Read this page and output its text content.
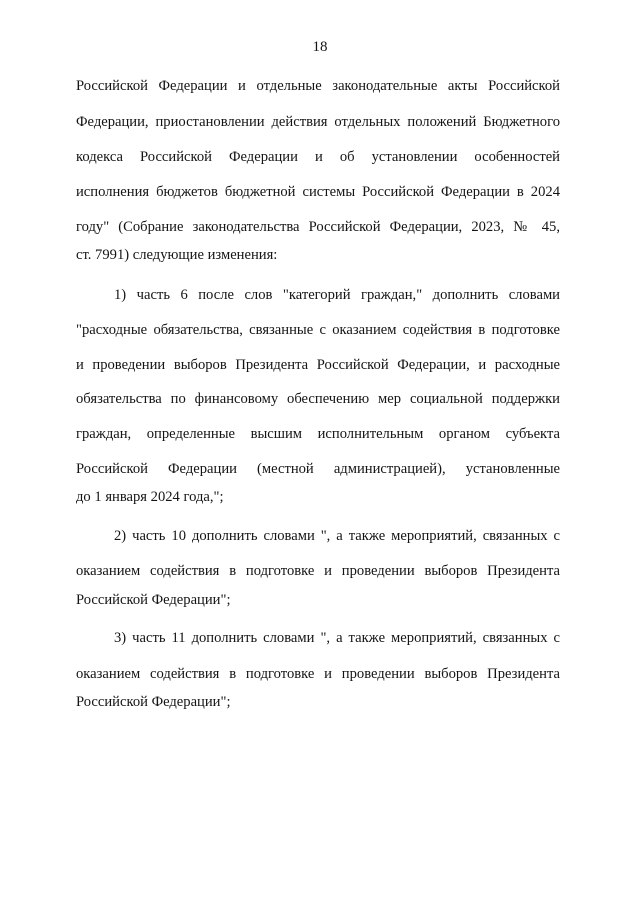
18
Российской Федерации и отдельные законодательные акты Российской
Федерации, приостановлении действия отдельных положений Бюджетного
кодекса Российской Федерации и об установлении особенностей
исполнения бюджетов бюджетной системы Российской Федерации в 2024
году" (Собрание законодательства Российской Федерации, 2023, № 45,
ст. 7991) следующие изменения:
1) часть 6 после слов "категорий граждан," дополнить словами
"расходные обязательства, связанные с оказанием содействия в подготовке
и проведении выборов Президента Российской Федерации, и расходные
обязательства по финансовому обеспечению мер социальной поддержки
граждан, определенные высшим исполнительным органом субъекта
Российской Федерации (местной администрацией), установленные
до 1 января 2024 года,";
2) часть 10 дополнить словами ", а также мероприятий, связанных с
оказанием содействия в подготовке и проведении выборов Президента
Российской Федерации";
3) часть 11 дополнить словами ", а также мероприятий, связанных с
оказанием содействия в подготовке и проведении выборов Президента
Российской Федерации";
